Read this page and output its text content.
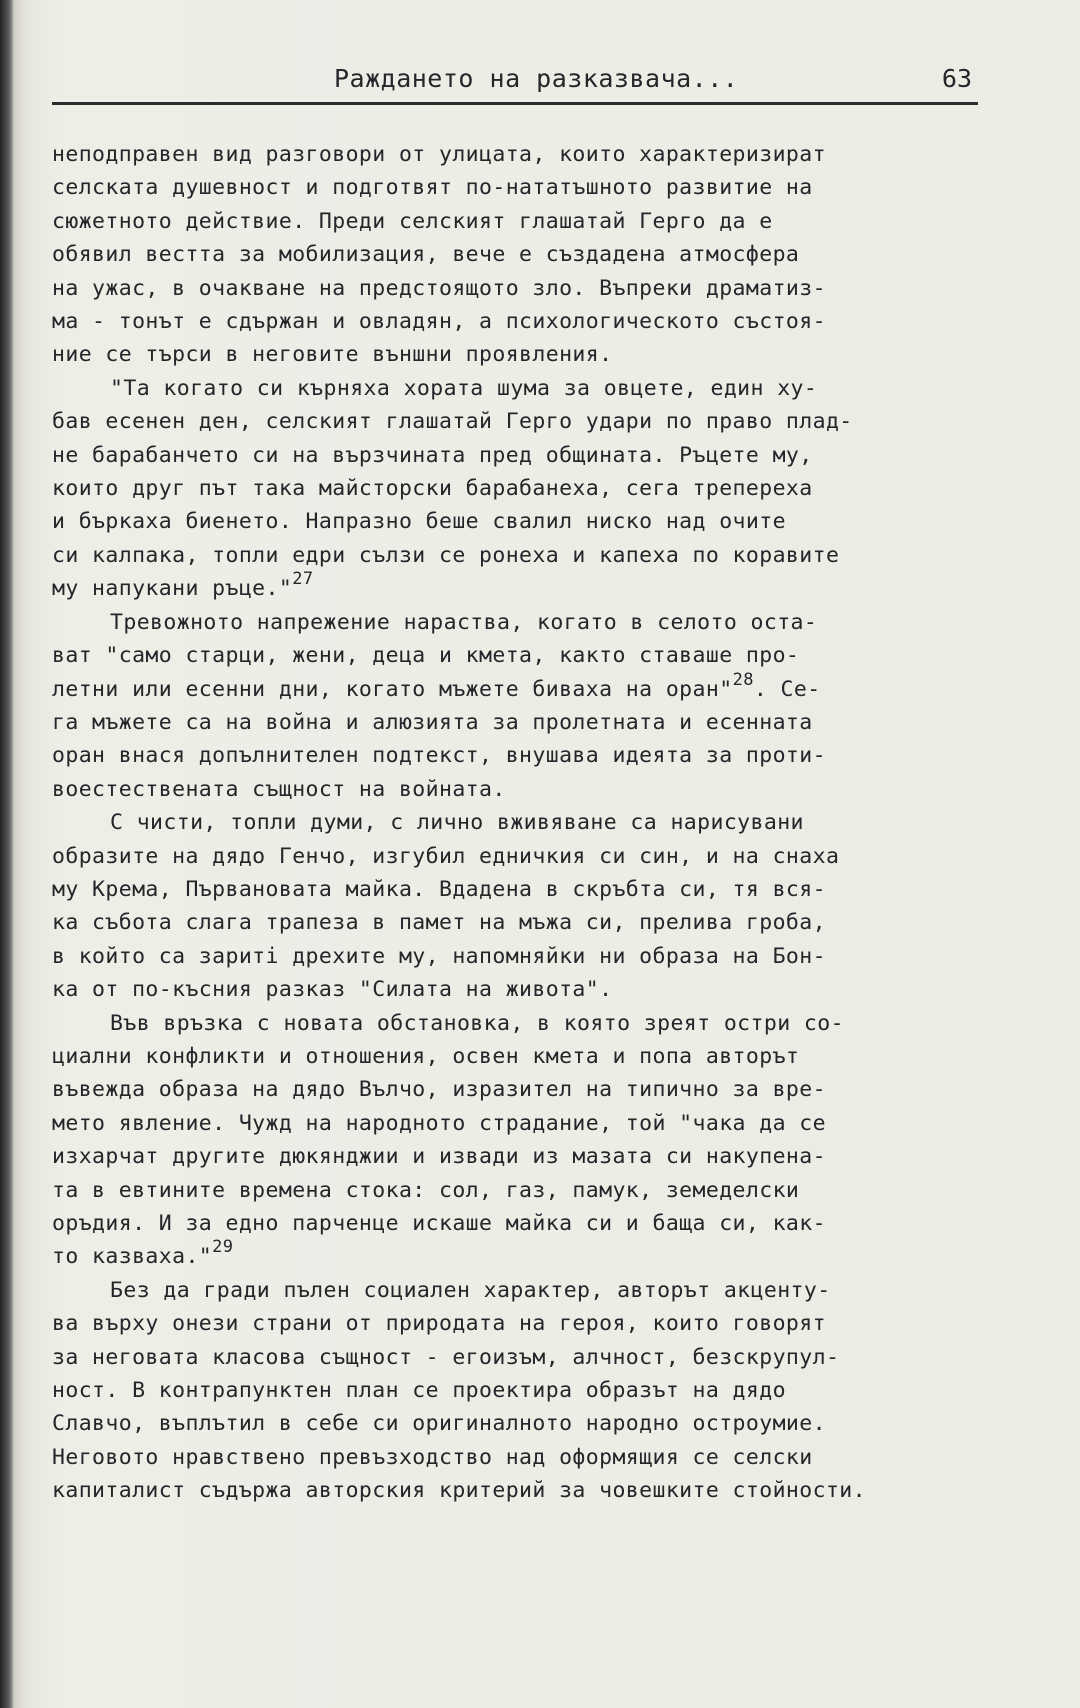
Раждането на разказвача...	63
неподправен вид разговори от улицата, които характеризират
селската душевност и подготвят по-нататъшното развитие на
сюжетното действие. Преди селският глашатай Герго да е
обявил вестта за мобилизация, вече е създадена атмосфера
на ужас, в очакване на предстоящото зло. Въпреки драматиз-
ма - тонът е сдържан и овладян, а психологическото състоя-
ние се търси в неговите външни проявления.
"Та когато си кърняха хората шума за овцете, един ху-
бав есенен ден, селският глашатай Герго удари по право плад-
не барабанчето си на вързчината пред общината. Ръцете му,
които друг път така майсторски барабанеха, сега трепереха
и бъркаха биенето. Напразно беше свалил ниско над очите
си калпака, топли едри сълзи се ронеха и капеха по коравите
му напукани ръце."$^{27}$
Тревожното напрежение нараства, когато в селото оста-
ват "само старци, жени, деца и кмета, както ставаше про-
летни или есенни дни, когато мъжете биваха на оран"$^{28}$. Се-
га мъжете са на война и алюзията за пролетната и есенната
оран внася допълнителен подтекст, внушава идеята за проти-
воестествената същност на войната.
С чисти, топли думи, с лично вживяване са нарисувани
образите на дядо Генчо, изгубил едничкия си син, и на снаха
му Крема, Първановата майка. Вдадена в скръбта си, тя вся-
ка събота слага трапеза в памет на мъжа си, прелива гроба,
в който са заритi дрехите му, напомняйки ни образа на Бон-
ка от по-късния разказ "Силата на живота".
Във връзка с новата обстановка, в която зреят остри со-
циални конфликти и отношения, освен кмета и попа авторът
въвежда образа на дядо Вълчо, изразител на типично за вре-
мето явление. Чужд на народното страдание, той "чака да се
изхарчат другите дюкянджии и извади из мазата си накупена-
та в евтините времена стока: сол, газ, памук, земеделски
оръдия. И за едно парченце искаше майка си и баща си, как-
то казваха."$^{29}$
Без да гради пълен социален характер, авторът акценту-
ва върху онези страни от природата на героя, които говорят
за неговата класова същност - егоизъм, алчност, безскрупул-
ност. В контрапунктен план се проектира образът на дядо
Славчо, въплътил в себе си оригиналното народно остроумие.
Неговото нравствено превъзходство над оформящия се селски
капиталист съдържа авторския критерий за човешките стойности.
